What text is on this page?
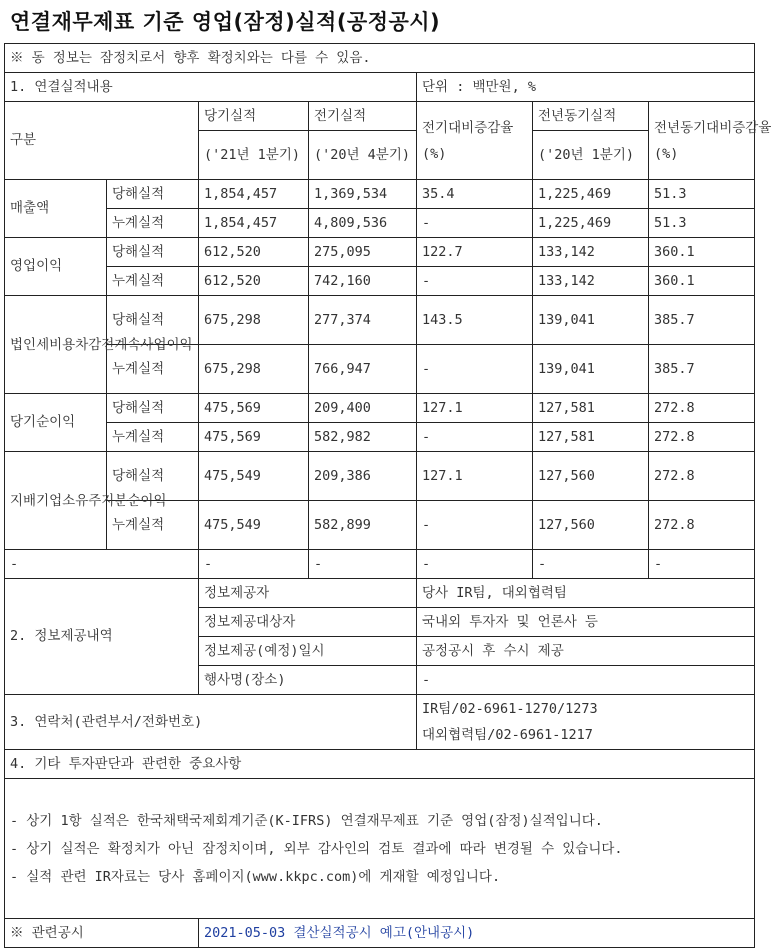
연결재무제표 기준 영업(잠정)실적(공정공시)
※ 동 정보는 잠정치로서 향후 확정치와는 다를 수 있음.						
1. 연결실적내용				단위 : 백만원, %		
구분		당기실적	전기실적	전기대비증감율(%)	전년동기실적	전년동기대비증감율(%)
		('21년 1분기)	('20년 4분기)		('20년 1분기)	
매출액	당해실적	1,854,457	1,369,534	35.4	1,225,469	51.3
	누계실적	1,854,457	4,809,536	-	1,225,469	51.3
영업이익	당해실적	612,520	275,095	122.7	133,142	360.1
	누계실적	612,520	742,160	-	133,142	360.1
법인세비용차감전계속사업이익	당해실적	675,298	277,374	143.5	139,041	385.7
	누계실적	675,298	766,947	-	139,041	385.7
당기순이익	당해실적	475,569	209,400	127.1	127,581	272.8
	누계실적	475,569	582,982	-	127,581	272.8
지배기업소유주지분순이익	당해실적	475,549	209,386	127.1	127,560	272.8
	누계실적	475,549	582,899	-	127,560	272.8
-		-	-	-	-	-
2. 정보제공내역		정보제공자		당사 IR팀, 대외협력팀		
		정보제공대상자		국내외 투자자 및 언론사 등		
		정보제공(예정)일시		공정공시 후 수시 제공		
		행사명(장소)		-		
3. 연락처(관련부서/전화번호)				IR팀/02-6961-1270/1273
대외협력팀/02-6961-1217		

4. 기타 투자판단과 관련한 중요사항						

- 상기 1항 실적은 한국채택국제회계기준(K-IFRS) 연결재무제표 기준 영업(잠정)실적입니다.
- 상기 실적은 확정치가 아닌 잠정치이며, 외부 감사인의 검토 결과에 따라 변경될 수 있습니다.
- 실적 관련 IR자료는 당사 홈페이지(www.kkpc.com)에 게재할 예정입니다.						

※ 관련공시		2021-05-03 결산실적공시 예고(안내공시)				
